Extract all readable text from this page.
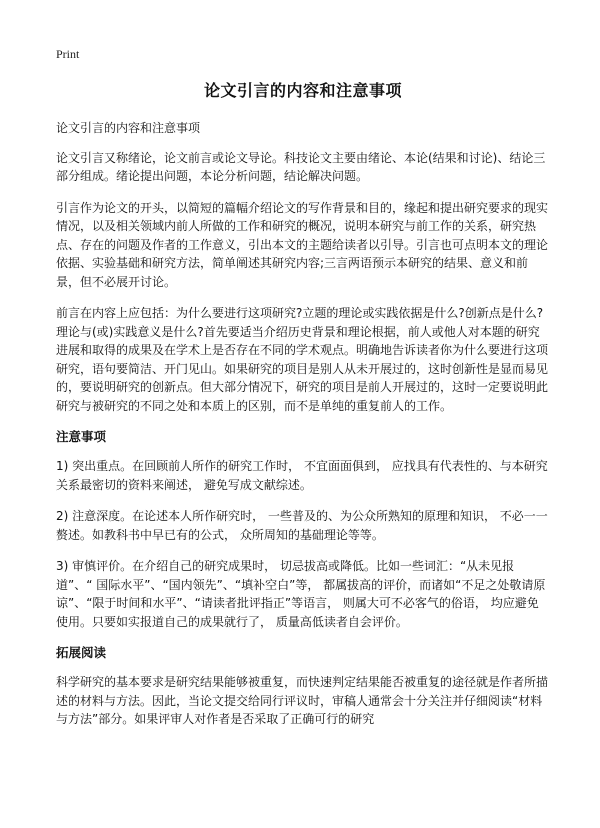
Print
论文引言的内容和注意事项

论文引言的内容和注意事项

论文引言又称绪论，论文前言或论文导论。科技论文主要由绪论、本论(结果和讨论)、结论三部分组成。绪论提出问题，本论分析问题，结论解决问题。

引言作为论文的开头，以简短的篇幅介绍论文的写作背景和目的，缘起和提出研究要求的现实情况，以及相关领域内前人所做的工作和研究的概况，说明本研究与前工作的关系，研究热点、存在的问题及作者的工作意义，引出本文的主题给读者以引导。引言也可点明本文的理论依据、实验基础和研究方法，简单阐述其研究内容;三言两语预示本研究的结果、意义和前景，但不必展开讨论。

前言在内容上应包括：为什么要进行这项研究?立题的理论或实践依据是什么?创新点是什么?理论与(或)实践意义是什么?首先要适当介绍历史背景和理论根据，前人或他人对本题的研究进展和取得的成果及在学术上是否存在不同的学术观点。明确地告诉读者你为什么要进行这项研究，语句要简洁、开门见山。如果研究的项目是别人从未开展过的，这时创新性是显而易见的，要说明研究的创新点。但大部分情况下，研究的项目是前人开展过的，这时一定要说明此研究与被研究的不同之处和本质上的区别，而不是单纯的重复前人的工作。

注意事项

1) 突出重点。在回顾前人所作的研究工作时， 不宜面面俱到， 应找具有代表性的、与本研究关系最密切的资料来阐述， 避免写成文献综述。

2) 注意深度。在论述本人所作研究时， 一些普及的、为公众所熟知的原理和知识， 不必一一赘述。如教科书中早已有的公式， 众所周知的基础理论等等。

3) 审慎评价。在介绍自己的研究成果时， 切忌拔高或降低。比如一些词汇：“从未见报道”、“ 国际水平”、“国内领先”、“填补空白”等， 都属拔高的评价，而诸如“不足之处敬请原谅”、“限于时间和水平”、“请读者批评指正”等语言， 则属大可不必客气的俗语， 均应避免使用。只要如实报道自己的成果就行了， 质量高低读者自会评价。

拓展阅读

科学研究的基本要求是研究结果能够被重复，而快速判定结果能否被重复的途径就是作者所描述的材料与方法。因此，当论文提交给同行评议时，审稿人通常会十分关注并仔细阅读“材料与方法”部分。如果评审人对作者是否采取了正确可行的研究
